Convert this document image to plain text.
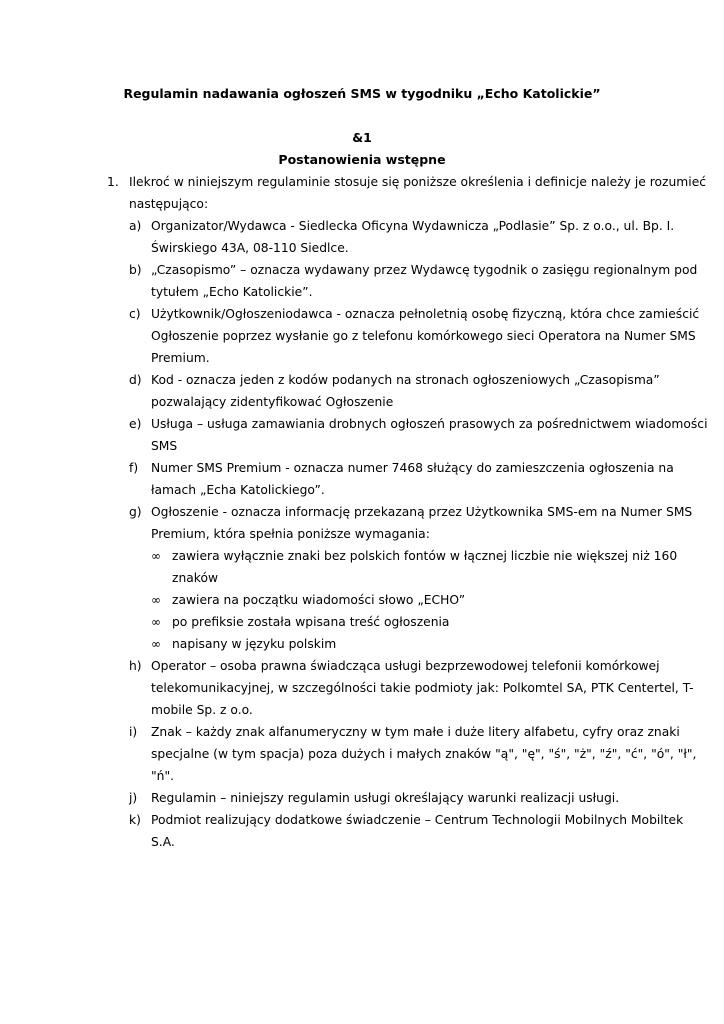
Regulamin nadawania ogłoszeń SMS w tygodniku „Echo Katolickie”
&1
Postanowienia wstępne
1. Ilekroć w niniejszym regulaminie stosuje się poniższe określenia i definicje należy je rozumieć
następująco:
a) Organizator/Wydawca - Siedlecka Oficyna Wydawnicza „Podlasie” Sp. z o.o., ul. Bp. I.
Świrskiego 43A, 08-110 Siedlce.
b) „Czasopismo” – oznacza wydawany przez Wydawcę tygodnik o zasięgu regionalnym pod
tytułem „Echo Katolickie”.
c) Użytkownik/Ogłoszeniodawca - oznacza pełnoletnią osobę fizyczną, która chce zamieścić
Ogłoszenie poprzez wysłanie go z telefonu komórkowego sieci Operatora na Numer SMS
Premium.
d) Kod - oznacza jeden z kodów podanych na stronach ogłoszeniowych „Czasopisma”
pozwalający zidentyfikować Ogłoszenie
e) Usługa – usługa zamawiania drobnych ogłoszeń prasowych za pośrednictwem wiadomości
SMS
f) Numer SMS Premium - oznacza numer 7468 służący do zamieszczenia ogłoszenia na
łamach „Echa Katolickiego”.
g) Ogłoszenie - oznacza informację przekazaną przez Użytkownika SMS-em na Numer SMS
Premium, która spełnia poniższe wymagania:
∞ zawiera wyłącznie znaki bez polskich fontów w łącznej liczbie nie większej niż 160
znaków
∞ zawiera na początku wiadomości słowo „ECHO”
∞ po prefiksie została wpisana treść ogłoszenia
∞ napisany w języku polskim
h) Operator – osoba prawna świadcząca usługi bezprzewodowej telefonii komórkowej
telekomunikacyjnej, w szczególności takie podmioty jak: Polkomtel SA, PTK Centertel, T-
mobile Sp. z o.o.
i) Znak – każdy znak alfanumeryczny w tym małe i duże litery alfabetu, cyfry oraz znaki
specjalne (w tym spacja) poza dużych i małych znaków "ą", "ę", "ś", "ż", "ź", "ć", "ó", "ł",
"ń".
j) Regulamin – niniejszy regulamin usługi określający warunki realizacji usługi.
k) Podmiot realizujący dodatkowe świadczenie – Centrum Technologii Mobilnych Mobiltek
S.A.
